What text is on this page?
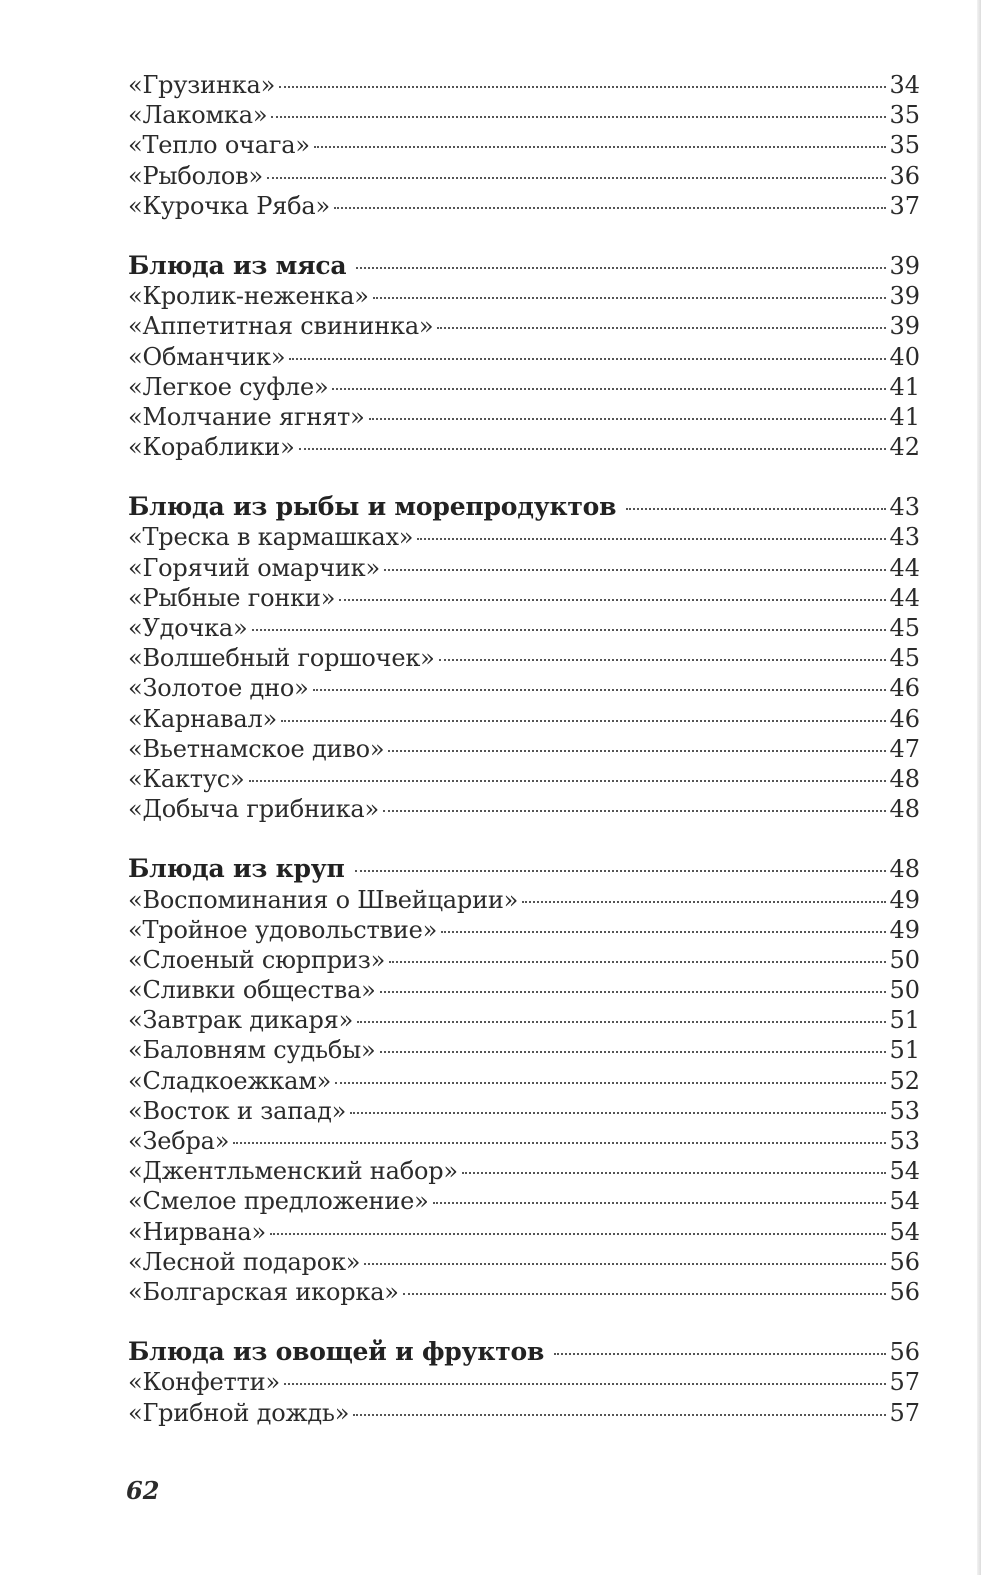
«Грузинка»	34
«Лакомка»	35
«Тепло очага»	35
«Рыболов»	36
«Курочка Ряба»	37
Блюда из мяса	39
«Кролик-неженка»	39
«Аппетитная свининка»	39
«Обманчик»	40
«Легкое суфле»	41
«Молчание ягнят»	41
«Кораблики»	42
Блюда из рыбы и морепродуктов	43
«Треска в кармашках»	43
«Горячий омарчик»	44
«Рыбные гонки»	44
«Удочка»	45
«Волшебный горшочек»	45
«Золотое дно»	46
«Карнавал»	46
«Вьетнамское диво»	47
«Кактус»	48
«Добыча грибника»	48
Блюда из круп	48
«Воспоминания о Швейцарии»	49
«Тройное удовольствие»	49
«Слоеный сюрприз»	50
«Сливки общества»	50
«Завтрак дикаря»	51
«Баловням судьбы»	51
«Сладкоежкам»	52
«Восток и запад»	53
«Зебра»	53
«Джентльменский набор»	54
«Смелое предложение»	54
«Нирвана»	54
«Лесной подарок»	56
«Болгарская икорка»	56
Блюда из овощей и фруктов	56
«Конфетти»	57
«Грибной дождь»	57
62
